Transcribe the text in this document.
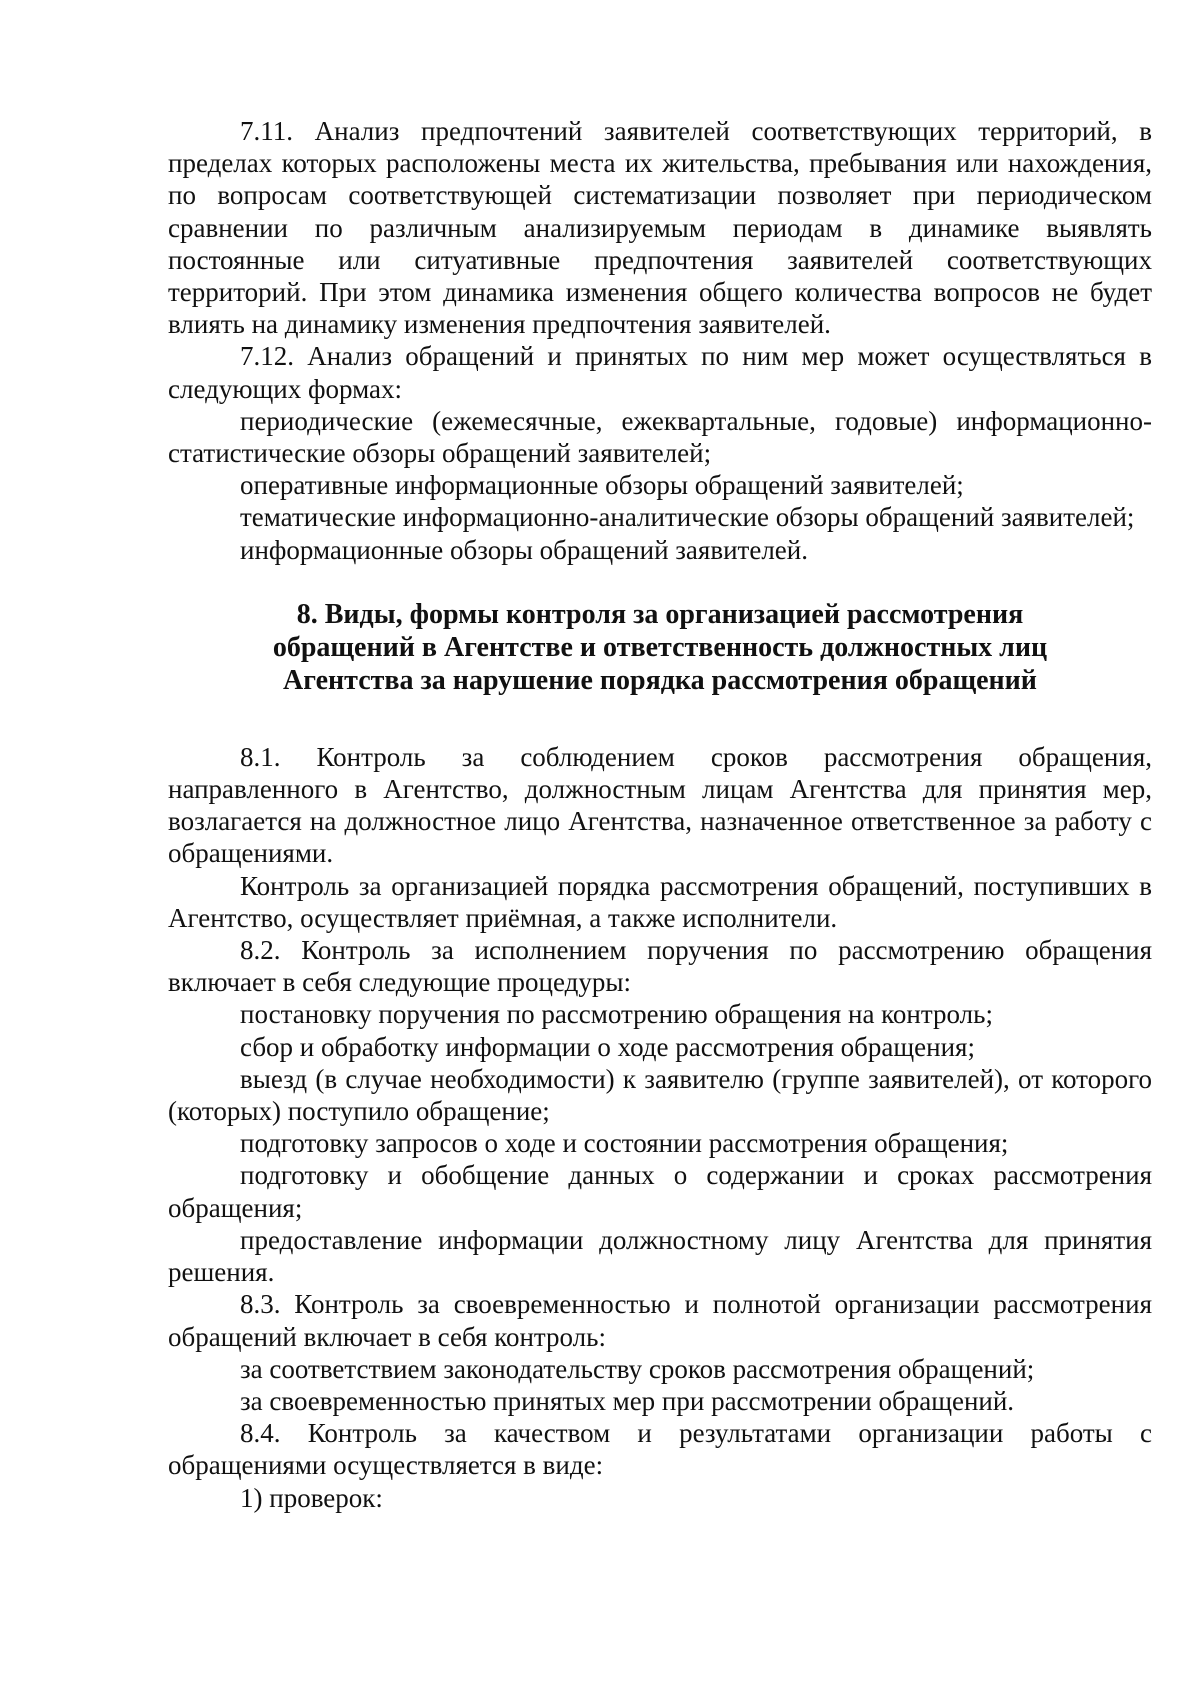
7.11. Анализ предпочтений заявителей соответствующих территорий, в пределах которых расположены места их жительства, пребывания или нахождения, по вопросам соответствующей систематизации позволяет при периодическом сравнении по различным анализируемым периодам в динамике выявлять постоянные или ситуативные предпочтения заявителей соответствующих территорий. При этом динамика изменения общего количества вопросов не будет влиять на динамику изменения предпочтения заявителей.

7.12. Анализ обращений и принятых по ним мер может осуществляться в следующих формах:

периодические (ежемесячные, ежеквартальные, годовые) информационно-статистические обзоры обращений заявителей;

оперативные информационные обзоры обращений заявителей;

тематические информационно-аналитические обзоры обращений заявителей;

информационные обзоры обращений заявителей.

8. Виды, формы контроля за организацией рассмотрения
обращений в Агентстве и ответственность должностных лиц
Агентства за нарушение порядка рассмотрения обращений

8.1. Контроль за соблюдением сроков рассмотрения обращения, направленного в Агентство, должностным лицам Агентства для принятия мер, возлагается на должностное лицо Агентства, назначенное ответственное за работу с обращениями.

Контроль за организацией порядка рассмотрения обращений, поступивших в Агентство, осуществляет приёмная, а также исполнители.

8.2. Контроль за исполнением поручения по рассмотрению обращения включает в себя следующие процедуры:

постановку поручения по рассмотрению обращения на контроль;

сбор и обработку информации о ходе рассмотрения обращения;

выезд (в случае необходимости) к заявителю (группе заявителей), от которого (которых) поступило обращение;

подготовку запросов о ходе и состоянии рассмотрения обращения;

подготовку и обобщение данных о содержании и сроках рассмотрения обращения;

предоставление информации должностному лицу Агентства для принятия решения.

8.3. Контроль за своевременностью и полнотой организации рассмотрения обращений включает в себя контроль:

за соответствием законодательству сроков рассмотрения обращений;

за своевременностью принятых мер при рассмотрении обращений.

8.4. Контроль за качеством и результатами организации работы с обращениями осуществляется в виде:

1) проверок:
